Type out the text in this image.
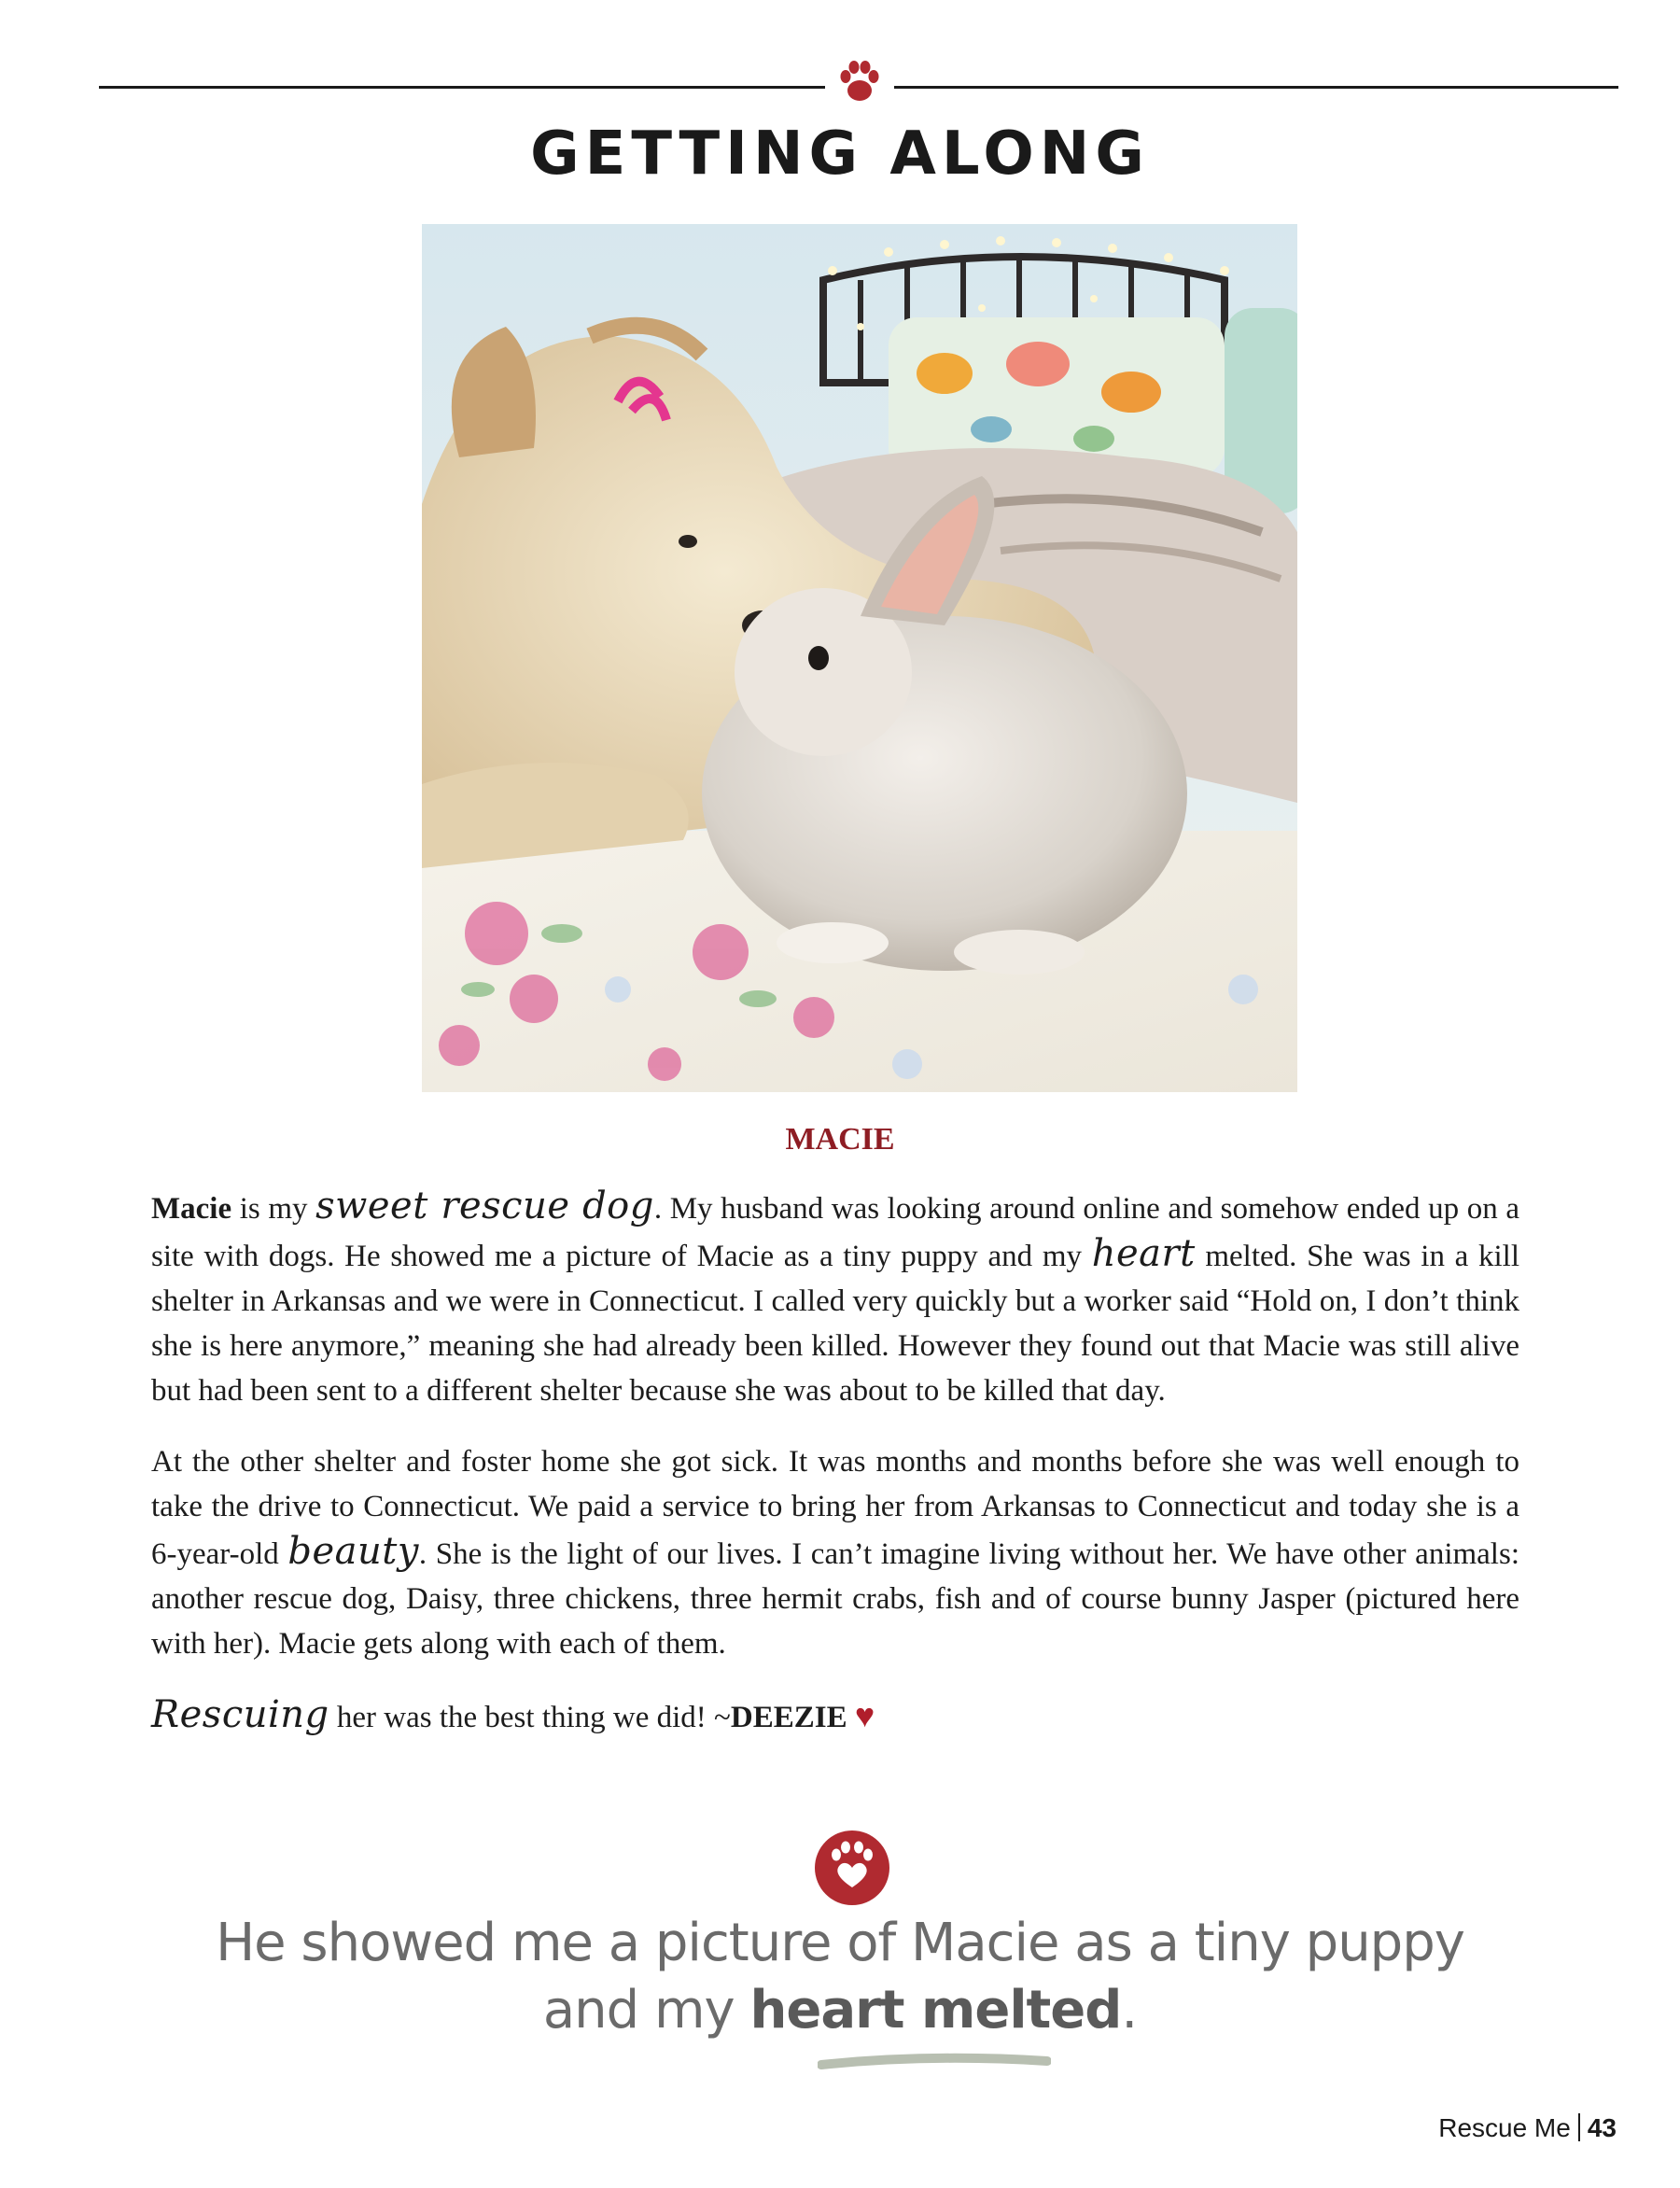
GETTING ALONG
MACIE

Macie is my sweet rescue dog. My husband was looking around online and somehow ended up on a site with dogs. He showed me a picture of Macie as a tiny puppy and my heart melted. She was in a kill shelter in Arkansas and we were in Connecticut. I called very quickly but a worker said “Hold on, I don’t think she is here anymore,” meaning she had already been killed. However they found out that Macie was still alive but had been sent to a different shelter because she was about to be killed that day.

At the other shelter and foster home she got sick. It was months and months before she was well enough to take the drive to Connecticut. We paid a service to bring her from Arkansas to Connecticut and today she is a 6-year-old beauty. She is the light of our lives. I can’t imagine living without her. We have other animals: another rescue dog, Daisy, three chickens, three hermit crabs, fish and of course bunny Jasper (pictured here with her). Macie gets along with each of them.

Rescuing her was the best thing we did! ~DEEZIE ♥

He showed me a picture of Macie as a tiny puppy
and my heart melted.
Rescue Me 43
